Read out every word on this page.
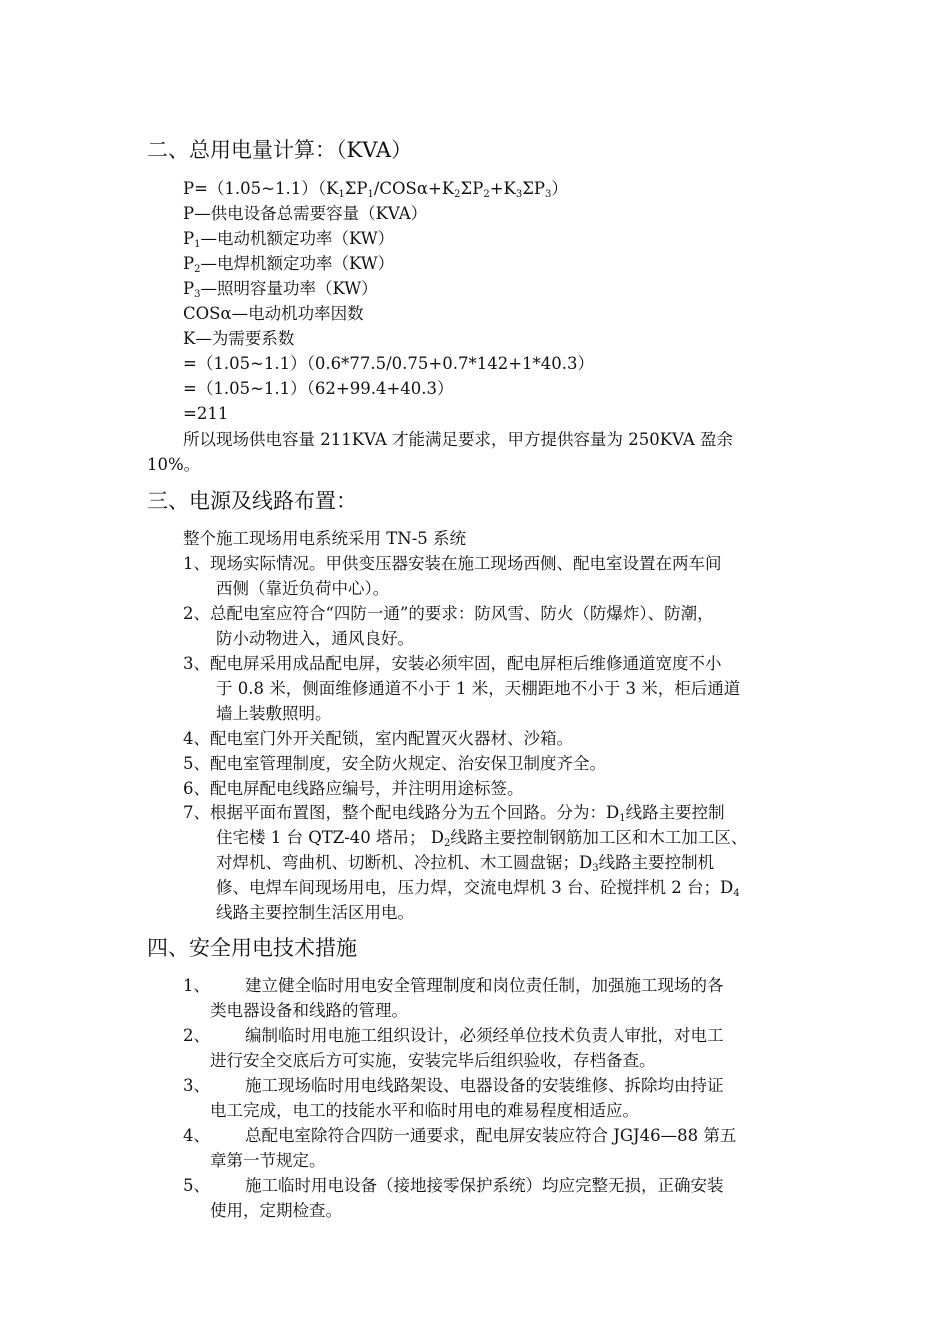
二、总用电量计算：（KVA）
$P=(1.05\sim 1.1)(K_1\Sigma P_1/COS\alpha+K_2\Sigma P_2+K_3\Sigma P_3)$
P—供电设备总需要容量（KVA）
$P_1—$电动机额定功率（KW）
$P_2—$电焊机额定功率（KW）
$P_3—$照明容量功率（KW）
COSα—电动机功率因数
K—为需要系数
=（1.05~1.1）（0.6*77.5/0.75+0.7*142+1*40.3）
=（1.05~1.1）（62+99.4+40.3）
=211
所以现场供电容量 211KVA 才能满足要求，甲方提供容量为 250KVA 盈余
10%。
三、电源及线路布置：
整个施工现场用电系统采用 TN-5 系统
1、现场实际情况。甲供变压器安装在施工现场西侧、配电室设置在两车间
西侧（靠近负荷中心）。
2、总配电室应符合“四防一通”的要求：防风雪、防火（防爆炸）、防潮，
防小动物进入，通风良好。
3、配电屏采用成品配电屏，安装必须牢固，配电屏柜后维修通道宽度不小
于 0.8 米，侧面维修通道不小于 1 米，天棚距地不小于 3 米，柜后通道
墙上装敷照明。
4、配电室门外开关配锁，室内配置灭火器材、沙箱。
5、配电室管理制度，安全防火规定、治安保卫制度齐全。
6、配电屏配电线路应编号，并注明用途标签。
7、根据平面布置图，整个配电线路分为五个回路。分为：$D_1$线路主要控制
住宅楼 1 台 QTZ-40 塔吊； $D_2$线路主要控制钢筋加工区和木工加工区、
对焊机、弯曲机、切断机、冷拉机、木工圆盘锯；$D_3$线路主要控制机
修、电焊车间现场用电，压力焊，交流电焊机 3 台、砼搅拌机 2 台；$D_4$
线路主要控制生活区用电。
四、安全用电技术措施
1、 建立健全临时用电安全管理制度和岗位责任制，加强施工现场的各
类电器设备和线路的管理。
2、 编制临时用电施工组织设计，必须经单位技术负责人审批，对电工
进行安全交底后方可实施，安装完毕后组织验收，存档备查。
3、 施工现场临时用电线路架设、电器设备的安装维修、拆除均由持证
电工完成，电工的技能水平和临时用电的难易程度相适应。
4、 总配电室除符合四防一通要求，配电屏安装应符合 JGJ46—88 第五
章第一节规定。
5、 施工临时用电设备（接地接零保护系统）均应完整无损，正确安装
使用，定期检查。
